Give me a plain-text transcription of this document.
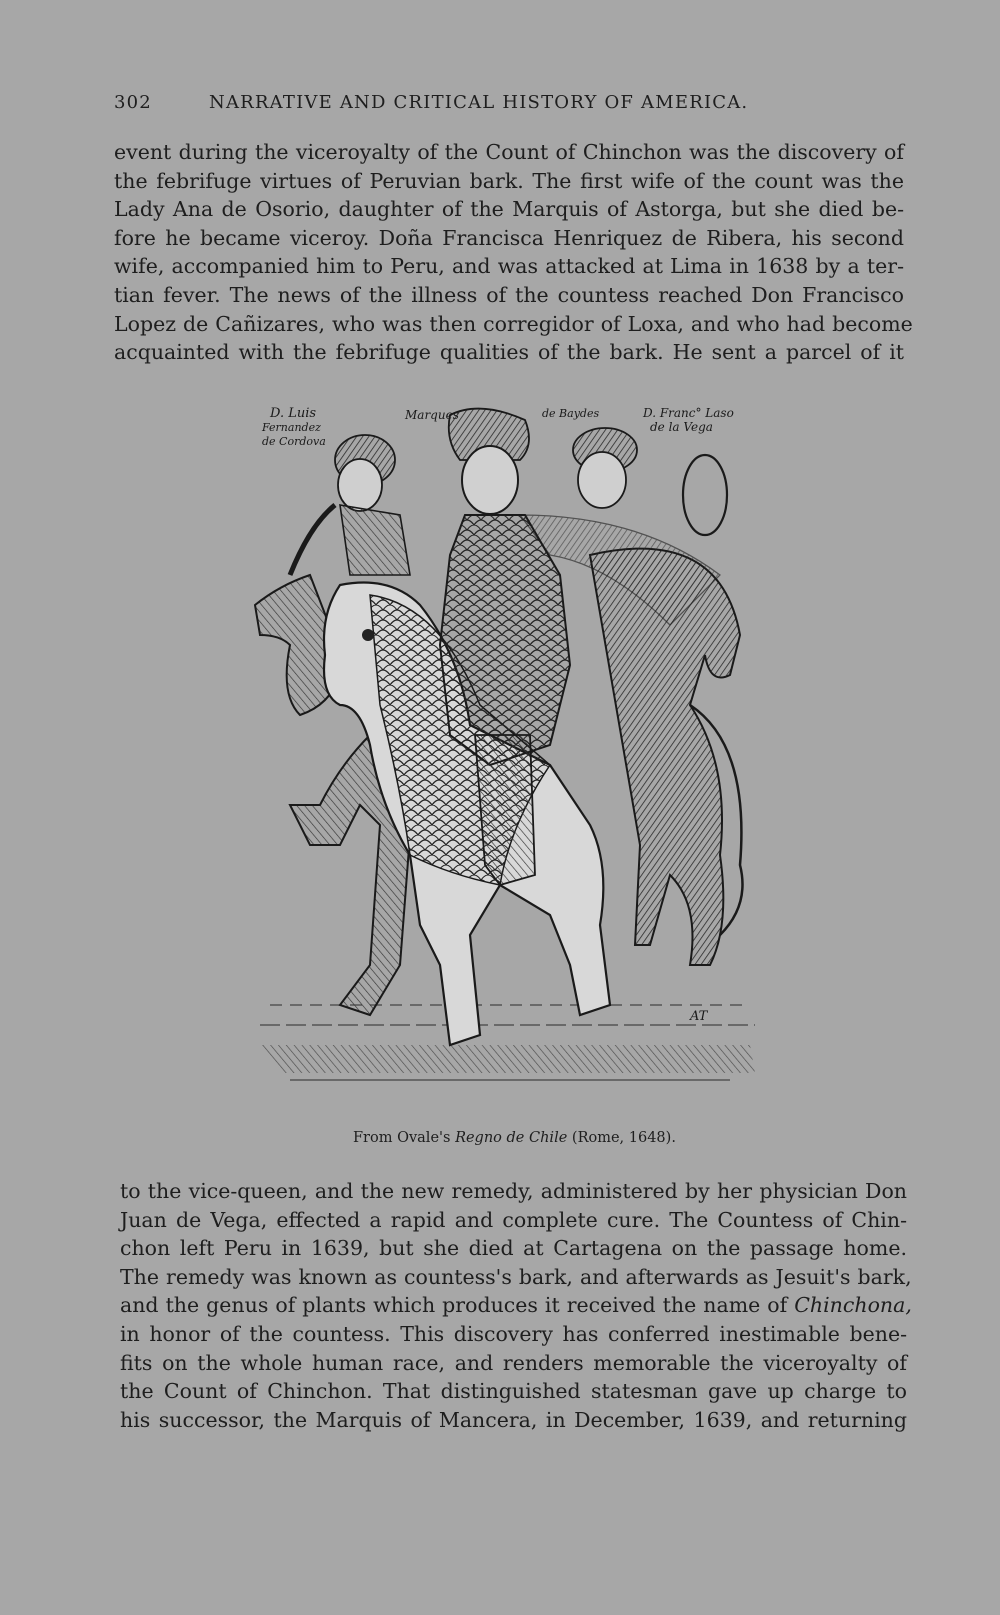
302	NARRATIVE AND CRITICAL HISTORY OF AMERICA.

event during the viceroyalty of the Count of Chinchon was the discovery of
the febrifuge virtues of Peruvian bark. The first wife of the count was the
Lady Ana de Osorio, daughter of the Marquis of Astorga, but she died be-
fore he became viceroy. Doña Francisca Henriquez de Ribera, his second
wife, accompanied him to Peru, and was attacked at Lima in 1638 by a ter-
tian fever. The news of the illness of the countess reached Don Francisco
Lopez de Cañizares, who was then corregidor of Loxa, and who had become
acquainted with the febrifuge qualities of the bark. He sent a parcel of it

D. Luis
Fernandez
de Cordova
Marques	de Baydes	D. Franc° Laso
de la Vega
AT
From Ovale's Regno de Chile (Rome, 1648).

to the vice-queen, and the new remedy, administered by her physician Don
Juan de Vega, effected a rapid and complete cure. The Countess of Chin-
chon left Peru in 1639, but she died at Cartagena on the passage home.
The remedy was known as countess's bark, and afterwards as Jesuit's bark,
and the genus of plants which produces it received the name of Chinchona,
in honor of the countess. This discovery has conferred inestimable bene-
fits on the whole human race, and renders memorable the viceroyalty of
the Count of Chinchon. That distinguished statesman gave up charge to
his successor, the Marquis of Mancera, in December, 1639, and returning
